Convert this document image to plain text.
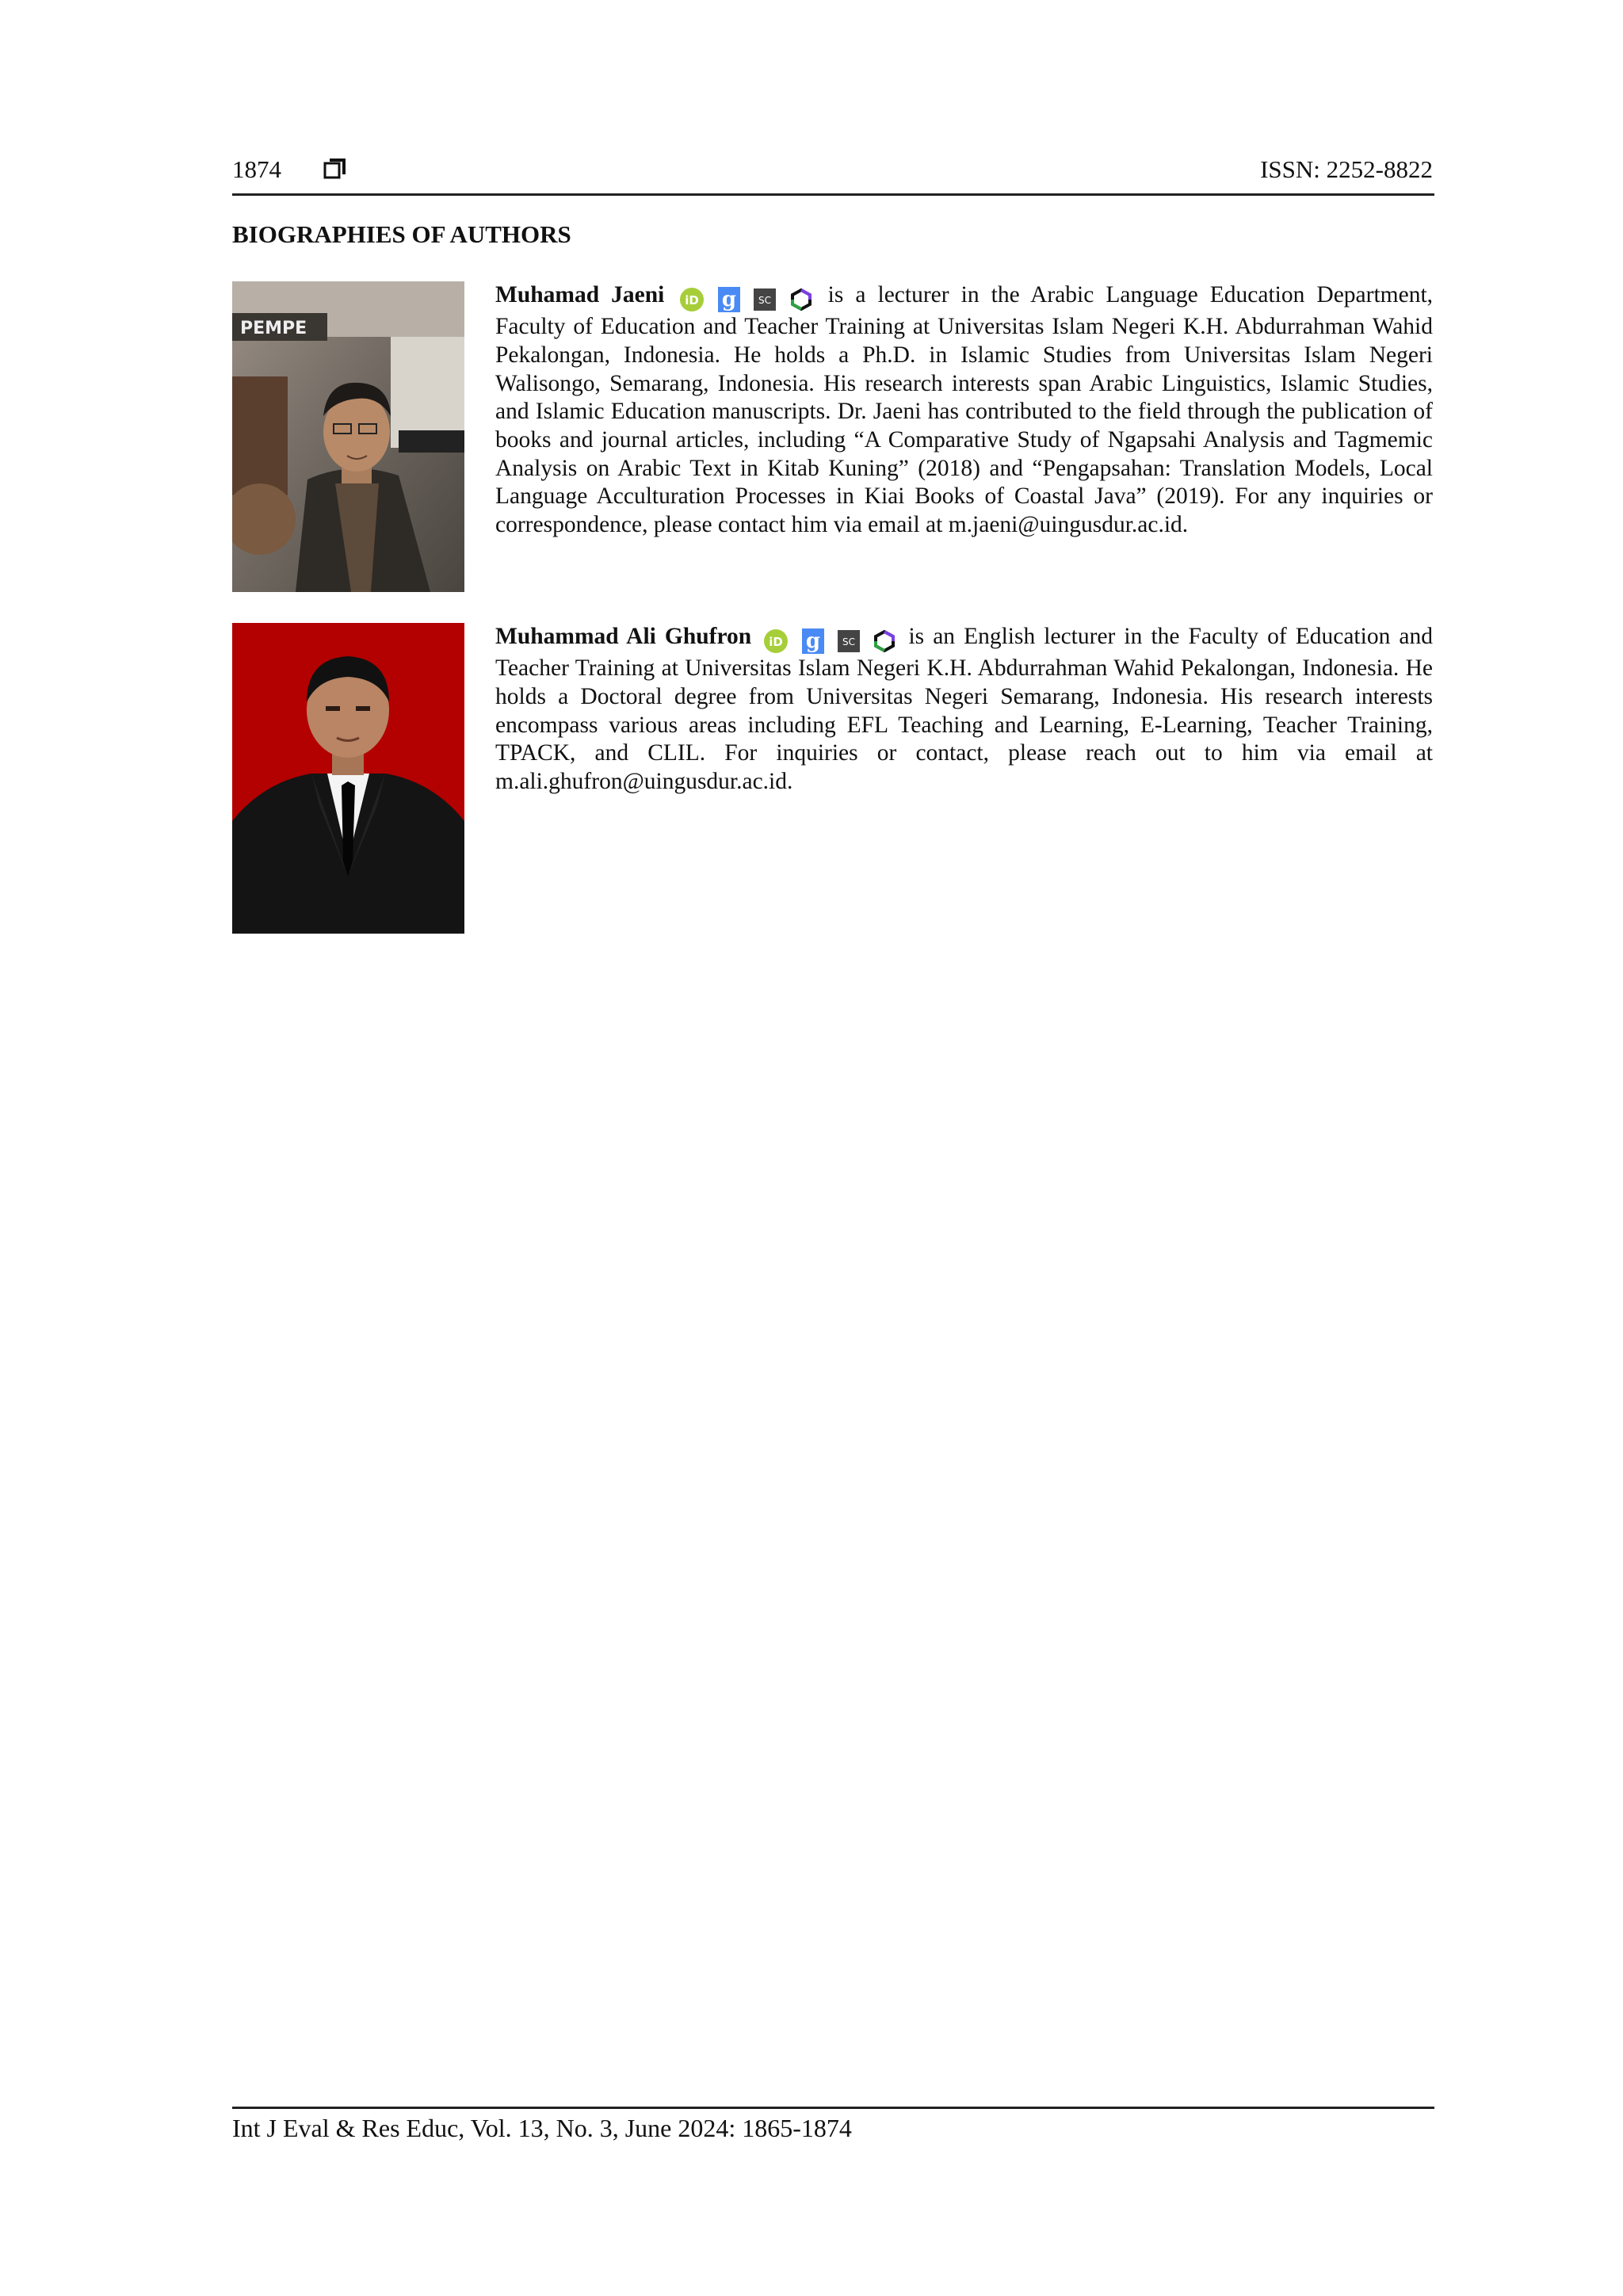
1874	ISSN: 2252-8822
BIOGRAPHIES OF AUTHORS
PEMPE
Muhamad Jaeni iD
g
SC is a lecturer in the Arabic Language Education Department, Faculty of Education and Teacher Training at Universitas Islam Negeri K.H. Abdurrahman Wahid Pekalongan, Indonesia. He holds a Ph.D. in Islamic Studies from Universitas Islam Negeri Walisongo, Semarang, Indonesia. His research interests span Arabic Linguistics, Islamic Studies, and Islamic Education manuscripts. Dr. Jaeni has contributed to the field through the publication of books and journal articles, including “A Comparative Study of Ngapsahi Analysis and Tagmemic Analysis on Arabic Text in Kitab Kuning” (2018) and “Pengapsahan: Translation Models, Local Language Acculturation Processes in Kiai Books of Coastal Java” (2019). For any inquiries or correspondence, please contact him via email at m.jaeni@uingusdur.ac.id.
Muhammad Ali Ghufron iD
g
SC is an English lecturer in the Faculty of Education and Teacher Training at Universitas Islam Negeri K.H. Abdurrahman Wahid Pekalongan, Indonesia. He holds a Doctoral degree from Universitas Negeri Semarang, Indonesia. His research interests encompass various areas including EFL Teaching and Learning, E-Learning, Teacher Training, TPACK, and CLIL. For inquiries or contact, please reach out to him via email at m.ali.ghufron@uingusdur.ac.id.
Int J Eval & Res Educ, Vol. 13, No. 3, June 2024: 1865-1874
